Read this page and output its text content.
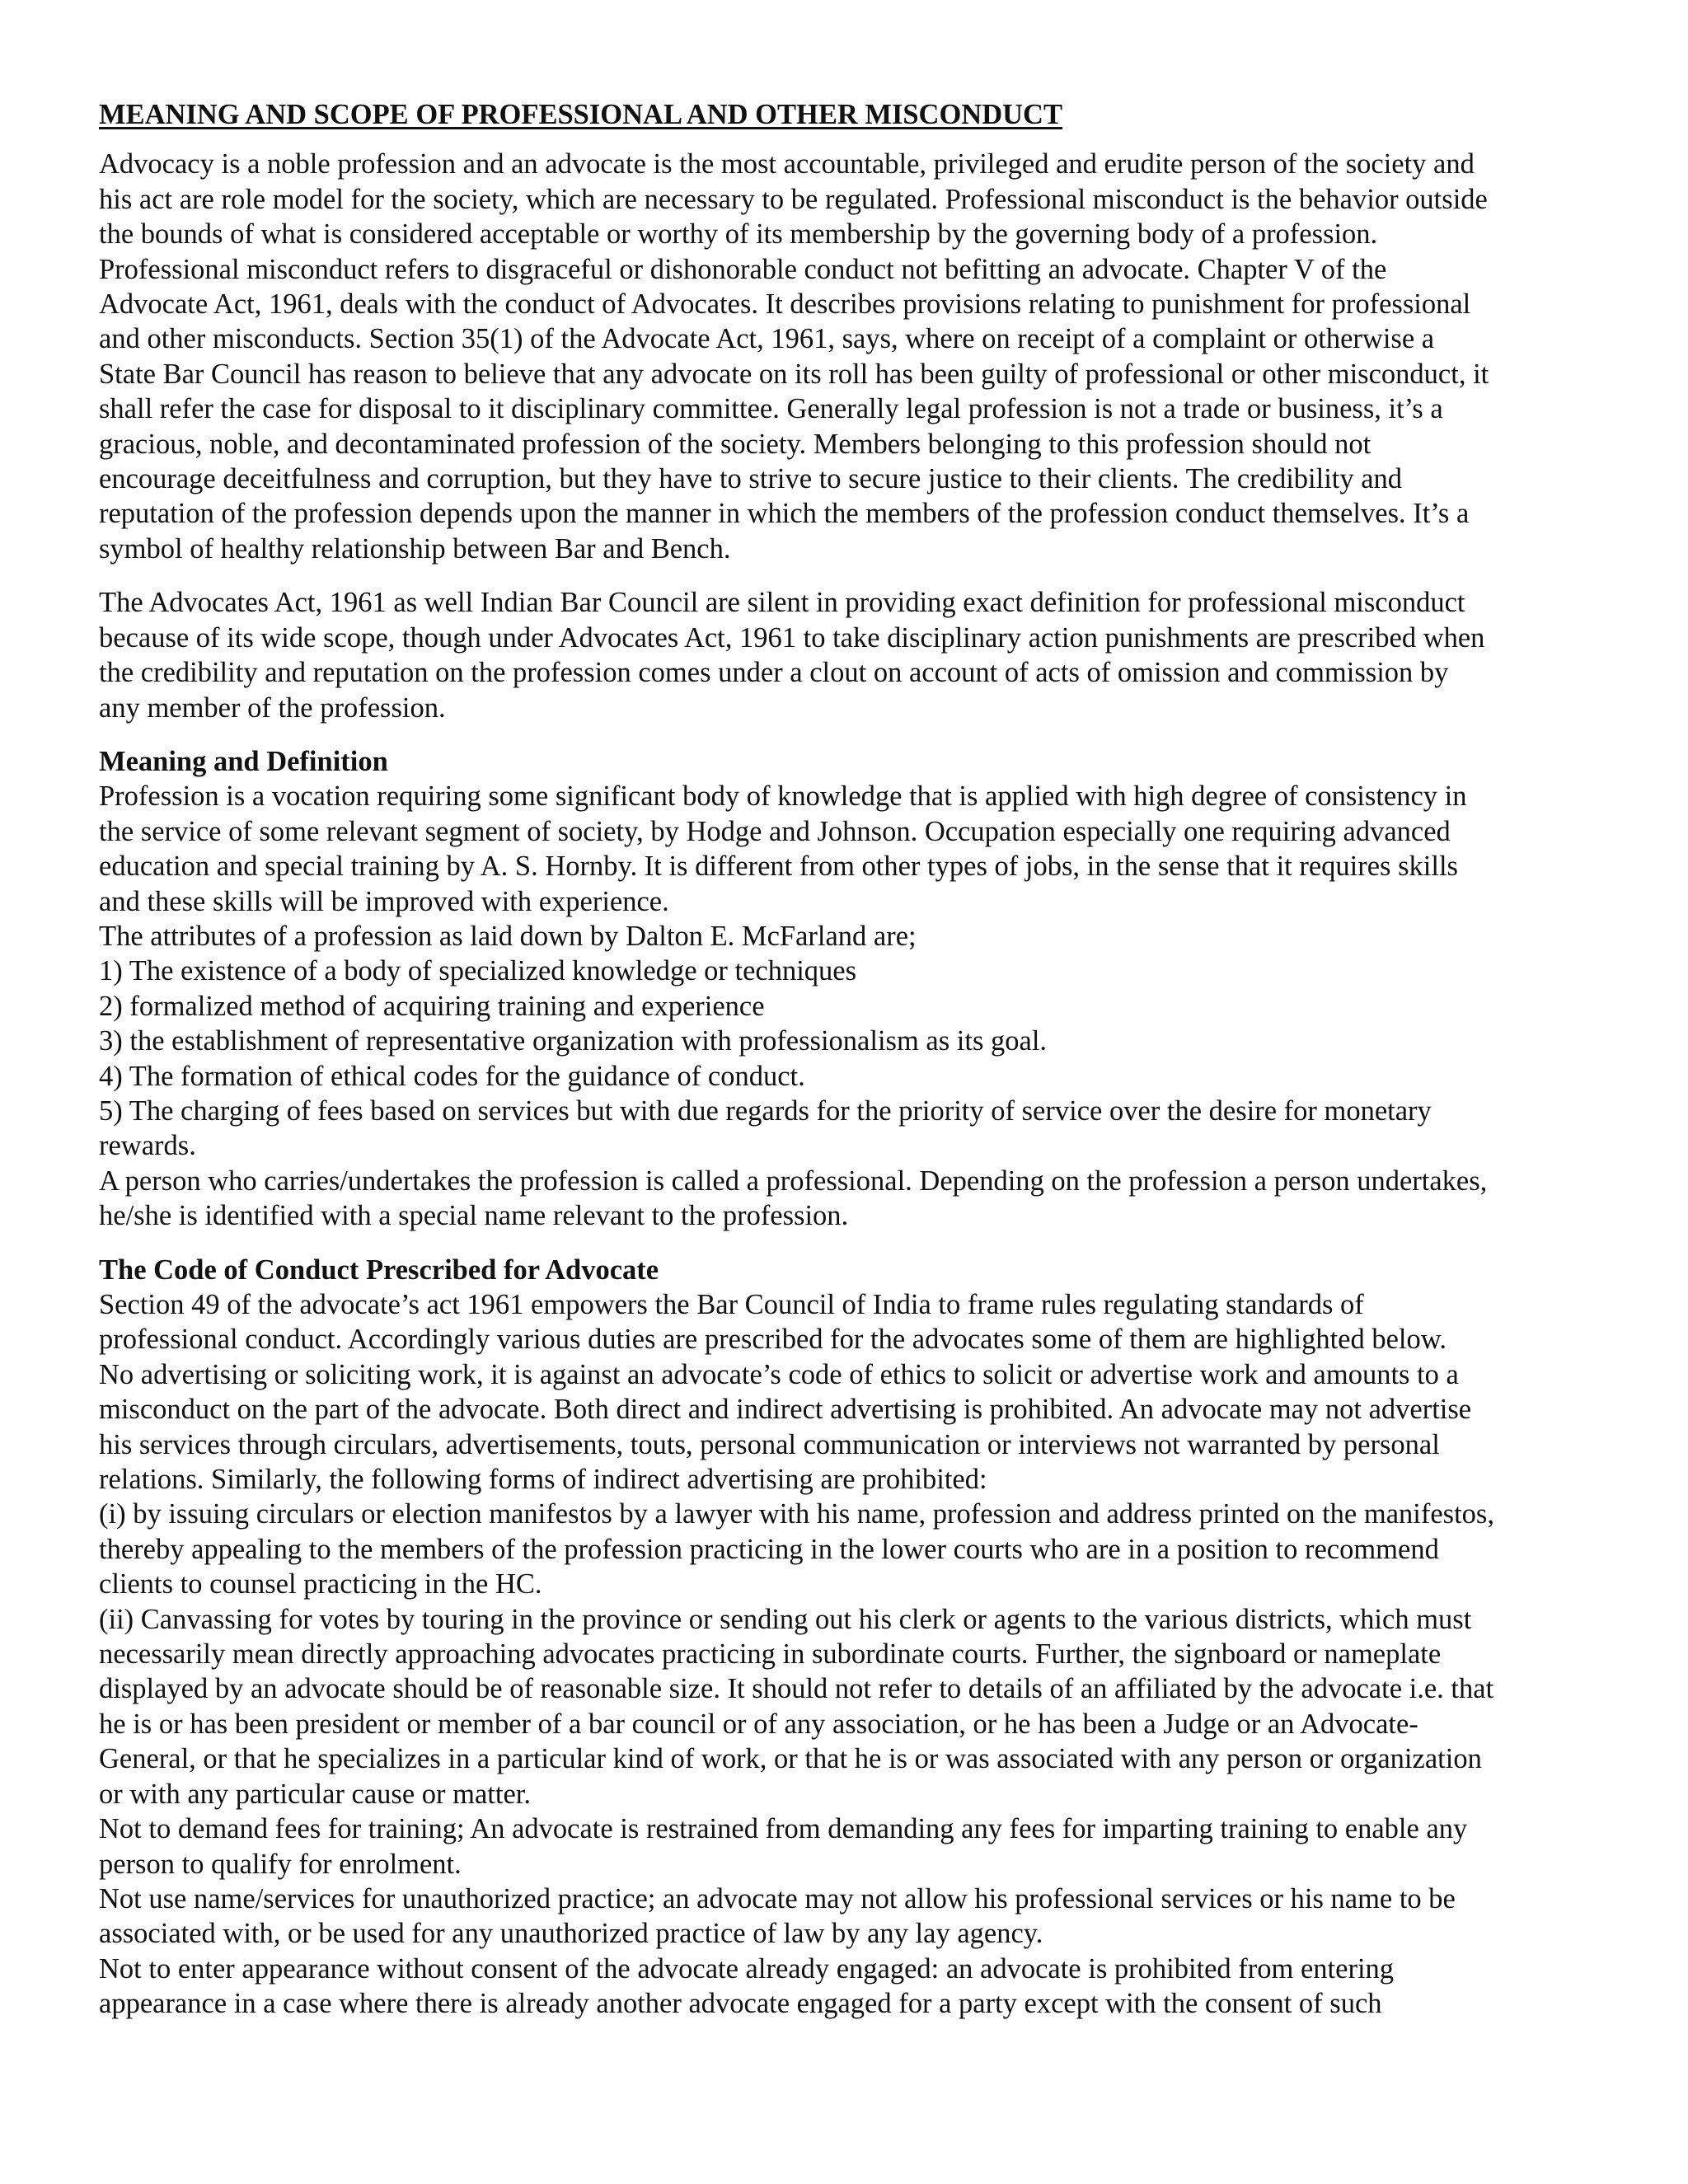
MEANING AND SCOPE OF PROFESSIONAL AND OTHER MISCONDUCT
Advocacy is a noble profession and an advocate is the most accountable, privileged and erudite person of the society and
his act are role model for the society, which are necessary to be regulated. Professional misconduct is the behavior outside
the bounds of what is considered acceptable or worthy of its membership by the governing body of a profession.
Professional misconduct refers to disgraceful or dishonorable conduct not befitting an advocate. Chapter V of the
Advocate Act, 1961, deals with the conduct of Advocates. It describes provisions relating to punishment for professional
and other misconducts. Section 35(1) of the Advocate Act, 1961, says, where on receipt of a complaint or otherwise a
State Bar Council has reason to believe that any advocate on its roll has been guilty of professional or other misconduct, it
shall refer the case for disposal to it disciplinary committee. Generally legal profession is not a trade or business, it’s a
gracious, noble, and decontaminated profession of the society. Members belonging to this profession should not
encourage deceitfulness and corruption, but they have to strive to secure justice to their clients. The credibility and
reputation of the profession depends upon the manner in which the members of the profession conduct themselves. It’s a
symbol of healthy relationship between Bar and Bench.
The Advocates Act, 1961 as well Indian Bar Council are silent in providing exact definition for professional misconduct
because of its wide scope, though under Advocates Act, 1961 to take disciplinary action punishments are prescribed when
the credibility and reputation on the profession comes under a clout on account of acts of omission and commission by
any member of the profession.
Meaning and Definition
Profession is a vocation requiring some significant body of knowledge that is applied with high degree of consistency in
the service of some relevant segment of society, by Hodge and Johnson. Occupation especially one requiring advanced
education and special training by A. S. Hornby. It is different from other types of jobs, in the sense that it requires skills
and these skills will be improved with experience.
The attributes of a profession as laid down by Dalton E. McFarland are;
1) The existence of a body of specialized knowledge or techniques
2) formalized method of acquiring training and experience
3) the establishment of representative organization with professionalism as its goal.
4) The formation of ethical codes for the guidance of conduct.
5) The charging of fees based on services but with due regards for the priority of service over the desire for monetary
rewards.
A person who carries/undertakes the profession is called a professional. Depending on the profession a person undertakes,
he/she is identified with a special name relevant to the profession.
The Code of Conduct Prescribed for Advocate
Section 49 of the advocate’s act 1961 empowers the Bar Council of India to frame rules regulating standards of
professional conduct. Accordingly various duties are prescribed for the advocates some of them are highlighted below.
No advertising or soliciting work, it is against an advocate’s code of ethics to solicit or advertise work and amounts to a
misconduct on the part of the advocate. Both direct and indirect advertising is prohibited. An advocate may not advertise
his services through circulars, advertisements, touts, personal communication or interviews not warranted by personal
relations. Similarly, the following forms of indirect advertising are prohibited:
(i) by issuing circulars or election manifestos by a lawyer with his name, profession and address printed on the manifestos,
thereby appealing to the members of the profession practicing in the lower courts who are in a position to recommend
clients to counsel practicing in the HC.
(ii) Canvassing for votes by touring in the province or sending out his clerk or agents to the various districts, which must
necessarily mean directly approaching advocates practicing in subordinate courts. Further, the signboard or nameplate
displayed by an advocate should be of reasonable size. It should not refer to details of an affiliated by the advocate i.e. that
he is or has been president or member of a bar council or of any association, or he has been a Judge or an Advocate-
General, or that he specializes in a particular kind of work, or that he is or was associated with any person or organization
or with any particular cause or matter.
Not to demand fees for training; An advocate is restrained from demanding any fees for imparting training to enable any
person to qualify for enrolment.
Not use name/services for unauthorized practice; an advocate may not allow his professional services or his name to be
associated with, or be used for any unauthorized practice of law by any lay agency.
Not to enter appearance without consent of the advocate already engaged: an advocate is prohibited from entering
appearance in a case where there is already another advocate engaged for a party except with the consent of such
